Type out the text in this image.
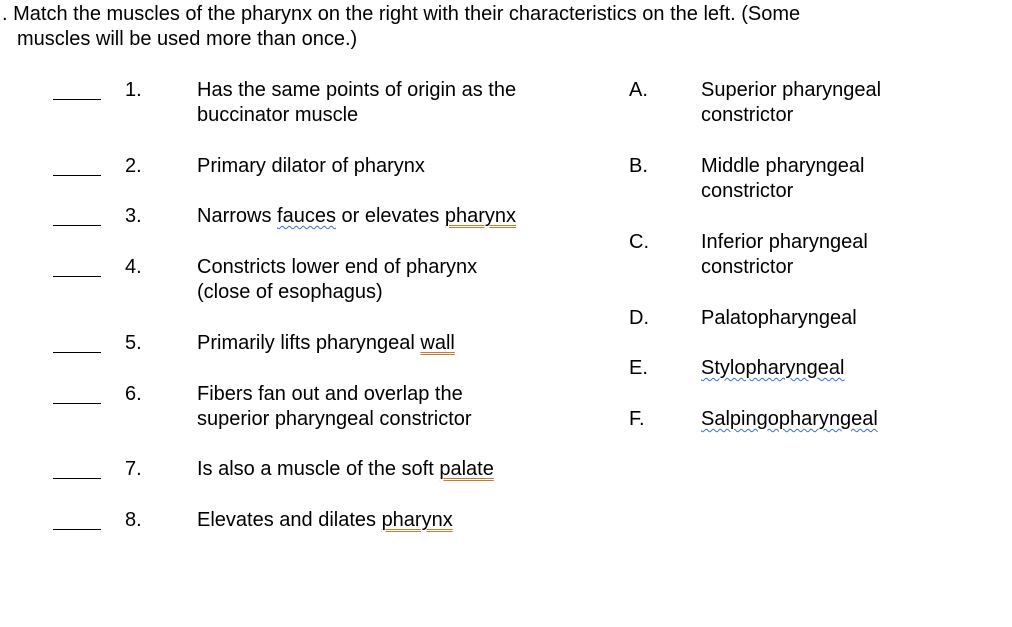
. Match the muscles of the pharynx on the right with their characteristics on the left. (Some
muscles will be used more than once.)
1.	Has the same points of origin as the
buccinator muscle
2.	Primary dilator of pharynx
3.	Narrows fauces or elevates pharynx
4.	Constricts lower end of pharynx
(close of esophagus)
5.	Primarily lifts pharyngeal wall
6.	Fibers fan out and overlap the
superior pharyngeal constrictor
7.	Is also a muscle of the soft palate
8.	Elevates and dilates pharynx
A.	Superior pharyngeal
constrictor
B.	Middle pharyngeal
constrictor
C.	Inferior pharyngeal
constrictor
D.	Palatopharyngeal
E.	Stylopharyngeal
F.	Salpingopharyngeal
